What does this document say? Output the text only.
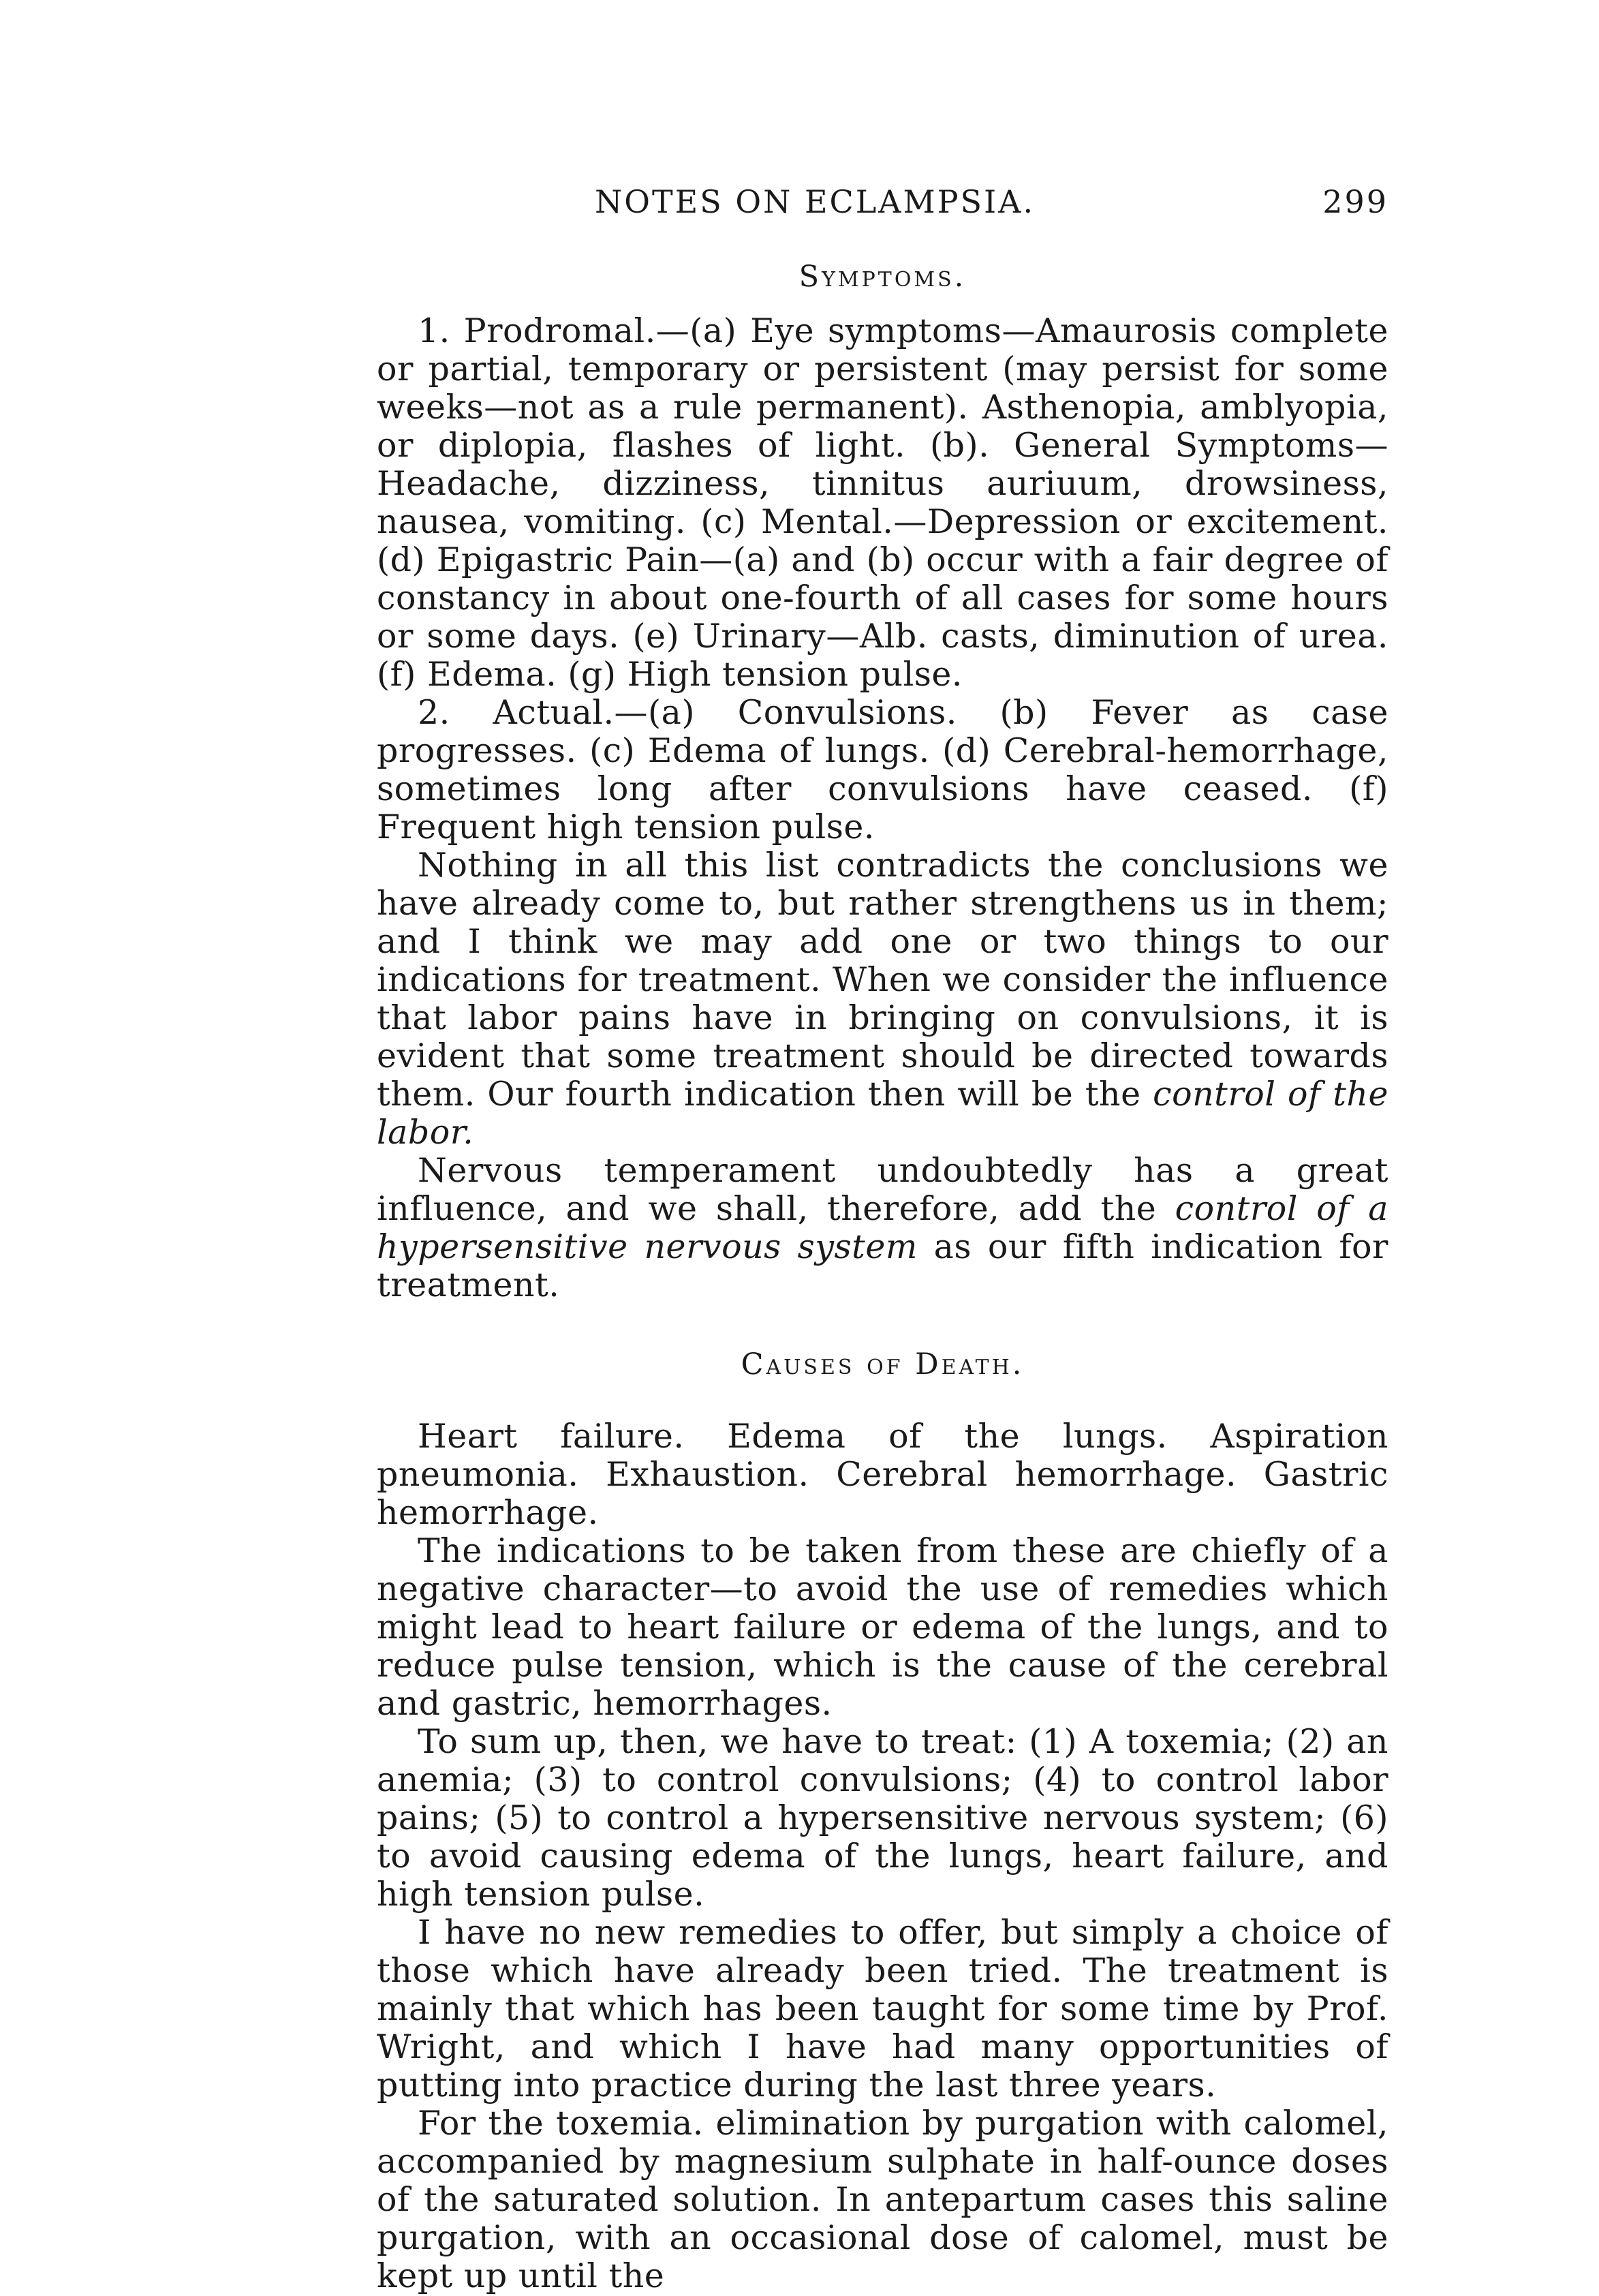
NOTES ON ECLAMPSIA.	299
Symptoms.

1. Prodromal.—(a) Eye symptoms—Amaurosis complete or partial, temporary or persistent (may persist for some weeks—not as a rule permanent). Asthenopia, amblyopia, or diplopia, flashes of light. (b). General Symptoms—Headache, dizziness, tinnitus auriuum, drowsiness, nausea, vomiting. (c) Mental.—Depression or excitement. (d) Epigastric Pain—(a) and (b) occur with a fair degree of constancy in about one-fourth of all cases for some hours or some days. (e) Urinary—Alb. casts, diminution of urea. (f) Edema. (g) High tension pulse.

2. Actual.—(a) Convulsions. (b) Fever as case progresses. (c) Edema of lungs. (d) Cerebral-hemorrhage, sometimes long after convulsions have ceased. (f) Frequent high tension pulse.

Nothing in all this list contradicts the conclusions we have already come to, but rather strengthens us in them; and I think we may add one or two things to our indications for treatment. When we consider the influence that labor pains have in bringing on convulsions, it is evident that some treatment should be directed towards them. Our fourth indication then will be the control of the labor.

Nervous temperament undoubtedly has a great influence, and we shall, therefore, add the control of a hypersensitive nervous system as our fifth indication for treatment.

Causes of Death.

Heart failure. Edema of the lungs. Aspiration pneumonia. Exhaustion. Cerebral hemorrhage. Gastric hemorrhage.

The indications to be taken from these are chiefly of a negative character—to avoid the use of remedies which might lead to heart failure or edema of the lungs, and to reduce pulse tension, which is the cause of the cerebral and gastric, hemorrhages.

To sum up, then, we have to treat: (1) A toxemia; (2) an anemia; (3) to control convulsions; (4) to control labor pains; (5) to control a hypersensitive nervous system; (6) to avoid causing edema of the lungs, heart failure, and high tension pulse.

I have no new remedies to offer, but simply a choice of those which have already been tried. The treatment is mainly that which has been taught for some time by Prof. Wright, and which I have had many opportunities of putting into practice during the last three years.

For the toxemia. elimination by purgation with calomel, accompanied by magnesium sulphate in half-ounce doses of the saturated solution. In antepartum cases this saline purgation, with an occasional dose of calomel, must be kept up until the
